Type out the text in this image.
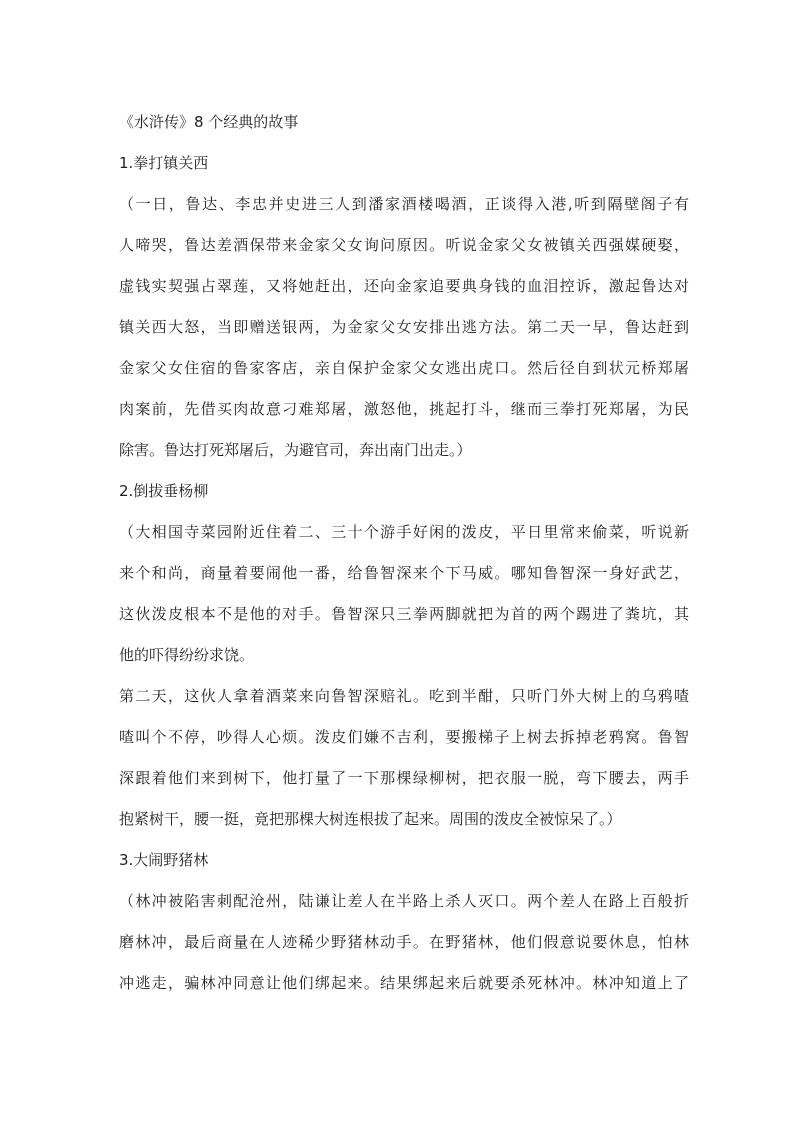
《水浒传》8 个经典的故事
1.拳打镇关西
（一日，鲁达、李忠并史进三人到潘家酒楼喝酒，正谈得入港,听到隔壁阁子有
人啼哭，鲁达差酒保带来金家父女询问原因。听说金家父女被镇关西强媒硬娶，
虚钱实契强占翠莲，又将她赶出，还向金家追要典身钱的血泪控诉，激起鲁达对
镇关西大怒，当即赠送银两，为金家父女安排出逃方法。第二天一早，鲁达赶到
金家父女住宿的鲁家客店，亲自保护金家父女逃出虎口。然后径自到状元桥郑屠
肉案前，先借买肉故意刁难郑屠，激怒他，挑起打斗，继而三拳打死郑屠，为民
除害。鲁达打死郑屠后，为避官司，奔出南门出走。）
2.倒拔垂杨柳
（大相国寺菜园附近住着二、三十个游手好闲的泼皮，平日里常来偷菜，听说新
来个和尚，商量着要闹他一番，给鲁智深来个下马威。哪知鲁智深一身好武艺，
这伙泼皮根本不是他的对手。鲁智深只三拳两脚就把为首的两个踢进了粪坑，其
他的吓得纷纷求饶。
第二天，这伙人拿着酒菜来向鲁智深赔礼。吃到半酣，只听门外大树上的乌鸦喳
喳叫个不停，吵得人心烦。泼皮们嫌不吉利，要搬梯子上树去拆掉老鸦窝。鲁智
深跟着他们来到树下，他打量了一下那棵绿柳树，把衣服一脱，弯下腰去，两手
抱紧树干，腰一挺，竟把那棵大树连根拔了起来。周围的泼皮全被惊呆了。）
3.大闹野猪林
（林冲被陷害刺配沧州，陆谦让差人在半路上杀人灭口。两个差人在路上百般折
磨林冲，最后商量在人迹稀少野猪林动手。在野猪林，他们假意说要休息，怕林
冲逃走，骗林冲同意让他们绑起来。结果绑起来后就要杀死林冲。林冲知道上了
